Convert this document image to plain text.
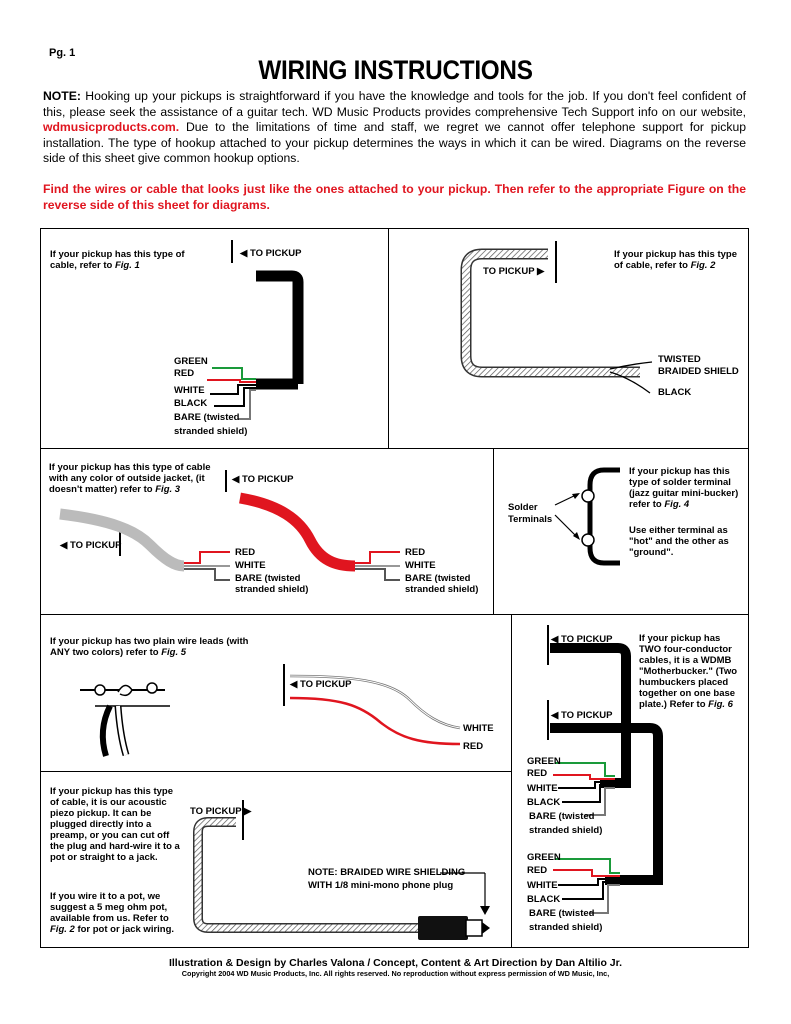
Pg. 1
WIRING INSTRUCTIONS
NOTE: Hooking up your pickups is straightforward if you have the knowledge and tools for the job. If you don't feel confident of this, please seek the assistance of a guitar tech. WD Music Products provides comprehensive Tech Support info on our website, wdmusicproducts.com. Due to the limitations of time and staff, we regret we cannot offer telephone support for pickup installation. The type of hookup attached to your pickup determines the ways in which it can be wired. Diagrams on the reverse side of this sheet give common hookup options.
Find the wires or cable that looks just like the ones attached to your pickup. Then refer to the appropriate Figure on the reverse side of this sheet for diagrams.
If your pickup has this type of cable, refer to Fig. 1
◀ TO PICKUP
GREEN
RED
WHITE
BLACK
BARE (twisted
stranded shield)
If your pickup has this type of cable, refer to Fig. 2
TO PICKUP ▶
TWISTED
BRAIDED SHIELD
BLACK
If your pickup has this type of cable with any color of outside jacket, (it doesn't matter) refer to Fig. 3
◀ TO PICKUP
◀ TO PICKUP
RED
WHITE
BARE (twisted
stranded shield)
RED
WHITE
BARE (twisted
stranded shield)
If your pickup has this type of solder terminal (jazz guitar mini-bucker) refer to Fig. 4
Use either terminal as "hot" and the other as "ground".
Solder
Terminals
If your pickup has two plain wire leads (with ANY two colors) refer to Fig. 5
◀ TO PICKUP
WHITE
RED
If your pickup has TWO four-conductor cables, it is a WDMB "Motherbucker." (Two humbuckers placed together on one base plate.) Refer to Fig. 6
◀ TO PICKUP
◀ TO PICKUP
GREEN
RED
WHITE
BLACK
BARE (twisted
stranded shield)
GREEN
RED
WHITE
BLACK
BARE (twisted
stranded shield)
If your pickup has this type of cable, it is our acoustic piezo pickup. It can be plugged directly into a preamp, or you can cut off the plug and hard-wire it to a pot or straight to a jack.
If you wire it to a pot, we suggest a 5 meg ohm pot, available from us. Refer to Fig. 2 for pot or jack wiring.
TO PICKUP ▶
NOTE: BRAIDED WIRE SHIELDING
WITH 1/8 mini-mono phone plug
Illustration & Design by Charles Valona / Concept, Content & Art Direction by Dan Altilio Jr.
Copyright 2004 WD Music Products, Inc. All rights reserved. No reproduction without express permission of WD Music, Inc,
